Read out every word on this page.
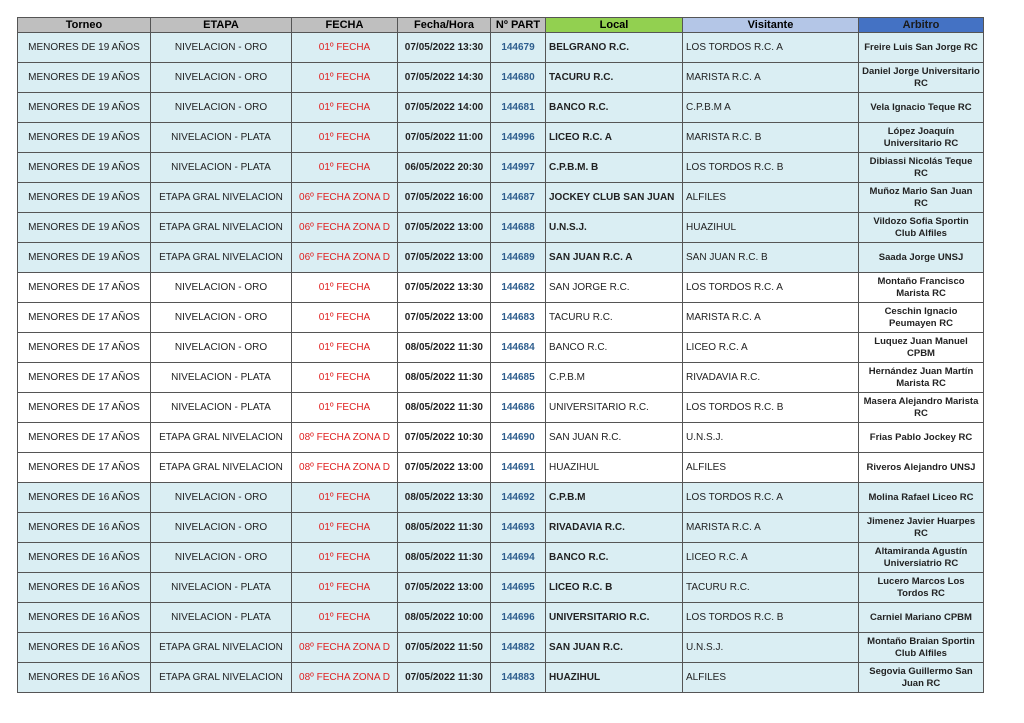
Torneo	ETAPA	FECHA	Fecha/Hora	Nº PART	Local	Visitante	Arbitro
MENORES DE 19 AÑOS	NIVELACION - ORO	01º FECHA	07/05/2022 13:30	144679	BELGRANO R.C.	LOS TORDOS R.C. A	Freire Luis San Jorge RC
MENORES DE 19 AÑOS	NIVELACION - ORO	01º FECHA	07/05/2022 14:30	144680	TACURU R.C.	MARISTA R.C. A	Daniel Jorge Universitario RC
MENORES DE 19 AÑOS	NIVELACION - ORO	01º FECHA	07/05/2022 14:00	144681	BANCO R.C.	C.P.B.M A	Vela Ignacio Teque RC
MENORES DE 19 AÑOS	NIVELACION - PLATA	01º FECHA	07/05/2022 11:00	144996	LICEO R.C. A	MARISTA R.C. B	López Joaquín Universitario RC
MENORES DE 19 AÑOS	NIVELACION - PLATA	01º FECHA	06/05/2022 20:30	144997	C.P.B.M. B	LOS TORDOS R.C. B	Dibiassi Nicolás Teque RC
MENORES DE 19 AÑOS	ETAPA GRAL NIVELACION	06º FECHA ZONA D	07/05/2022 16:00	144687	JOCKEY CLUB SAN JUAN	ALFILES	Muñoz Mario San Juan RC
MENORES DE 19 AÑOS	ETAPA GRAL NIVELACION	06º FECHA ZONA D	07/05/2022 13:00	144688	U.N.S.J.	HUAZIHUL	Vildozo Sofia Sportin Club Alfiles
MENORES DE 19 AÑOS	ETAPA GRAL NIVELACION	06º FECHA ZONA D	07/05/2022 13:00	144689	SAN JUAN R.C. A	SAN JUAN R.C. B	Saada Jorge UNSJ
MENORES DE 17 AÑOS	NIVELACION - ORO	01º FECHA	07/05/2022 13:30	144682	SAN JORGE R.C.	LOS TORDOS R.C. A	Montaño Francisco Marista RC
MENORES DE 17 AÑOS	NIVELACION - ORO	01º FECHA	07/05/2022 13:00	144683	TACURU R.C.	MARISTA R.C. A	Ceschin Ignacio Peumayen RC
MENORES DE 17 AÑOS	NIVELACION - ORO	01º FECHA	08/05/2022 11:30	144684	BANCO R.C.	LICEO R.C. A	Luquez Juan Manuel CPBM
MENORES DE 17 AÑOS	NIVELACION - PLATA	01º FECHA	08/05/2022 11:30	144685	C.P.B.M	RIVADAVIA R.C.	Hernández Juan Martín Marista RC
MENORES DE 17 AÑOS	NIVELACION - PLATA	01º FECHA	08/05/2022 11:30	144686	UNIVERSITARIO R.C.	LOS TORDOS R.C. B	Masera Alejandro Marista RC
MENORES DE 17 AÑOS	ETAPA GRAL NIVELACION	08º FECHA ZONA D	07/05/2022 10:30	144690	SAN JUAN R.C.	U.N.S.J.	Frias Pablo Jockey RC
MENORES DE 17 AÑOS	ETAPA GRAL NIVELACION	08º FECHA ZONA D	07/05/2022 13:00	144691	HUAZIHUL	ALFILES	Riveros Alejandro UNSJ
MENORES DE 16 AÑOS	NIVELACION - ORO	01º FECHA	08/05/2022 13:30	144692	C.P.B.M	LOS TORDOS R.C. A	Molina Rafael Liceo RC
MENORES DE 16 AÑOS	NIVELACION - ORO	01º FECHA	08/05/2022 11:30	144693	RIVADAVIA R.C.	MARISTA R.C. A	Jimenez Javier Huarpes RC
MENORES DE 16 AÑOS	NIVELACION - ORO	01º FECHA	08/05/2022 11:30	144694	BANCO R.C.	LICEO R.C. A	Altamiranda Agustín Universiatrio RC
MENORES DE 16 AÑOS	NIVELACION - PLATA	01º FECHA	07/05/2022 13:00	144695	LICEO R.C. B	TACURU R.C.	Lucero Marcos Los Tordos RC
MENORES DE 16 AÑOS	NIVELACION - PLATA	01º FECHA	08/05/2022 10:00	144696	UNIVERSITARIO R.C.	LOS TORDOS R.C. B	Carniel Mariano CPBM
MENORES DE 16 AÑOS	ETAPA GRAL NIVELACION	08º FECHA ZONA D	07/05/2022 11:50	144882	SAN JUAN R.C.	U.N.S.J.	Montaño Braian Sportin Club Alfiles
MENORES DE 16 AÑOS	ETAPA GRAL NIVELACION	08º FECHA ZONA D	07/05/2022 11:30	144883	HUAZIHUL	ALFILES	Segovia Guillermo San Juan RC
